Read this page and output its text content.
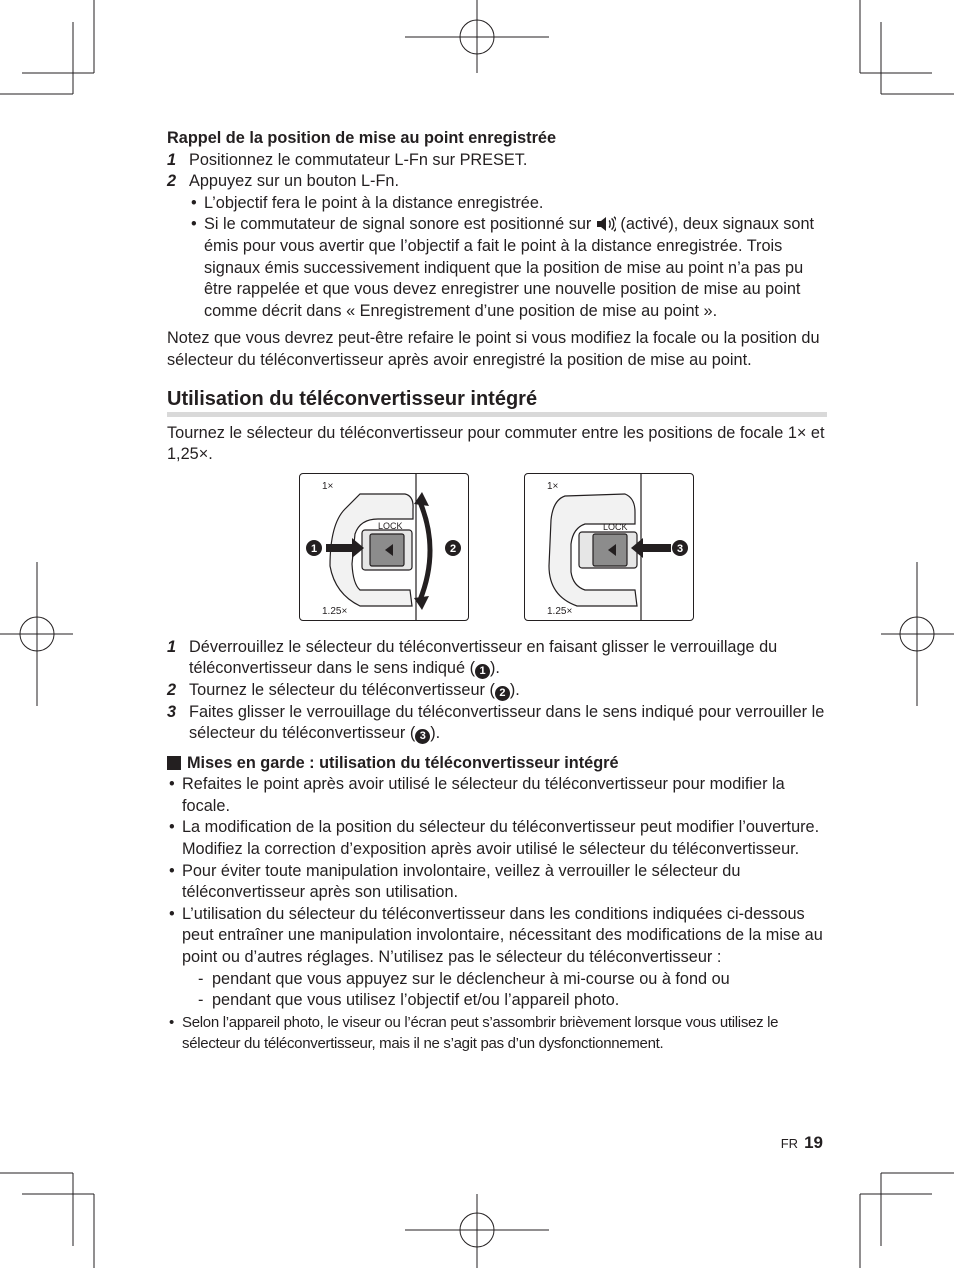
Rappel de la position de mise au point enregistrée
1 Positionnez le commutateur L-Fn sur PRESET.
2 Appuyez sur un bouton L-Fn.
• L’objectif fera le point à la distance enregistrée.
• Si le commutateur de signal sonore est positionné sur  (activé), deux signaux sont émis pour vous avertir que l’objectif a fait le point à la distance enregistrée. Trois signaux émis successivement indiquent que la position de mise au point n’a pas pu être rappelée et que vous devez enregistrer une nouvelle position de mise au point comme décrit dans « Enregistrement d’une position de mise au point ».
Notez que vous devrez peut-être refaire le point si vous modifiez la focale ou la position du sélecteur du téléconvertisseur après avoir enregistré la position de mise au point.
Utilisation du téléconvertisseur intégré
Tournez le sélecteur du téléconvertisseur pour commuter entre les positions de focale 1× et 1,25×.
1×
1.25×
LOCK
1	2
1×
1.25×
LOCK
3
1 Déverrouillez le sélecteur du téléconvertisseur en faisant glisser le verrouillage du téléconvertisseur dans le sens indiqué ( 1 ).
2 Tournez le sélecteur du téléconvertisseur ( 2 ).
3 Faites glisser le verrouillage du téléconvertisseur dans le sens indiqué pour verrouiller le sélecteur du téléconvertisseur ( 3 ).
Mises en garde : utilisation du téléconvertisseur intégré
• Refaites le point après avoir utilisé le sélecteur du téléconvertisseur pour modifier la focale.
• La modification de la position du sélecteur du téléconvertisseur peut modifier l’ouverture. Modifiez la correction d’exposition après avoir utilisé le sélecteur du téléconvertisseur.
• Pour éviter toute manipulation involontaire, veillez à verrouiller le sélecteur du téléconvertisseur après son utilisation.
• L’utilisation du sélecteur du téléconvertisseur dans les conditions indiquées ci-dessous peut entraîner une manipulation involontaire, nécessitant des modifications de la mise au point ou d’autres réglages. N’utilisez pas le sélecteur du téléconvertisseur :
- pendant que vous appuyez sur le déclencheur à mi-course ou à fond ou
- pendant que vous utilisez l’objectif et/ou l’appareil photo.
• Selon l’appareil photo, le viseur ou l’écran peut s’assombrir brièvement lorsque vous utilisez le sélecteur du téléconvertisseur, mais il ne s’agit pas d’un dysfonctionnement.
FR 19
